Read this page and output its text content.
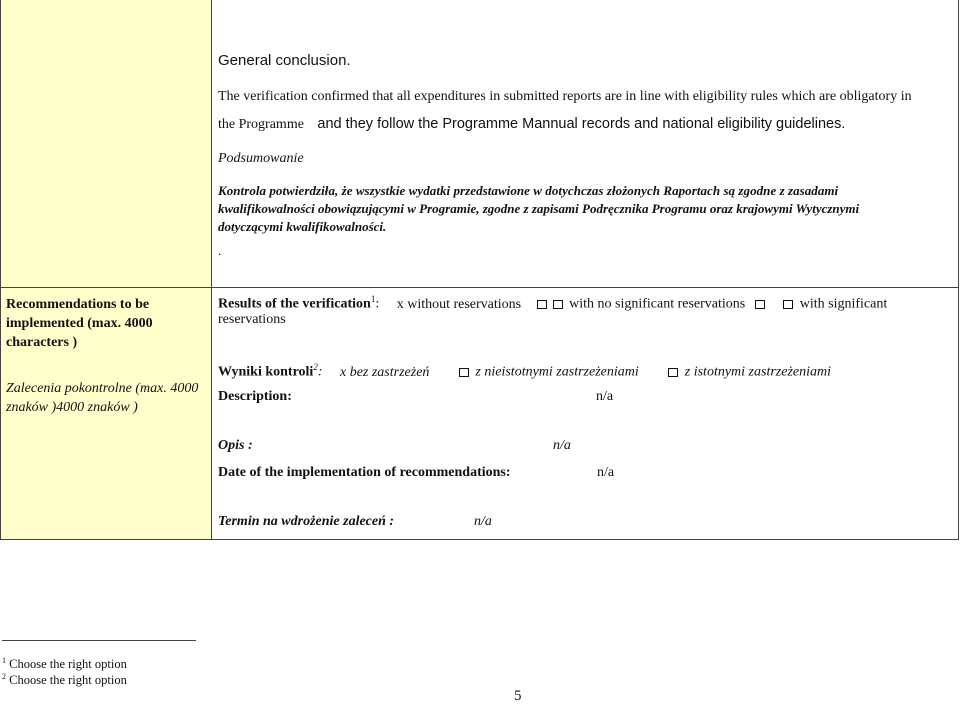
General conclusion.
The verification confirmed that all expenditures in submitted reports are in line with eligibility rules which are obligatory in
the Programme and they follow the Programme Mannual records and national eligibility guidelines.
Podsumowanie
Kontrola potwierdziła, że wszystkie wydatki przedstawione w dotychczas złożonych Raportach są zgodne z zasadami
kwalifikowalności obowiązującymi w Programie, zgodne z zapisami Podręcznika Programu oraz krajowymi Wytycznymi
dotyczącymi kwalifikowalności.
.
Recommendations to be implemented (max. 4000 characters )
Zalecenia pokontrolne (max. 4000 znaków )4000 znaków )
Results of the verification$^1$: x without reservations	with no significant reservations	with significant
reservations
Wyniki kontroli$^2$: x bez zastrzeżeń	z nieistotnymi zastrzeżeniami	z istotnymi zastrzeżeniami
Description:	n/a
Opis :	n/a
Date of the implementation of recommendations:	n/a
Termin na wdrożenie zaleceń :	n/a
$^1$ Choose the right option
$^2$ Choose the right option
5
